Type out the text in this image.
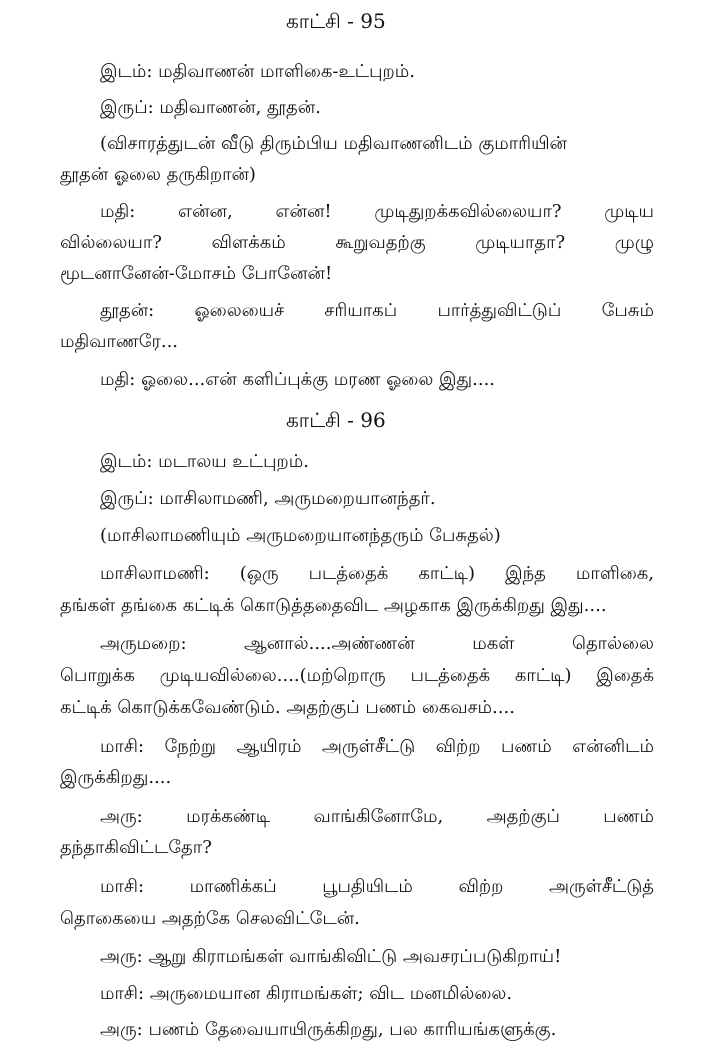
காட்சி - 95
இடம்: மதிவாணன் மாளிகை-உட்புறம்.
இருப்: மதிவாணன், தூதன்.
(விசாரத்துடன் வீடு திரும்பிய மதிவாணனிடம் குமாரியின்
தூதன் ஓலை தருகிறான்)
மதி: என்ன, என்ன! முடிதுறக்கவில்லையா? முடிய
வில்லையா? விளக்கம் கூறுவதற்கு முடியாதா? முழு
மூடனானேன்-மோசம் போனேன்!
தூதன்: ஓலையைச் சரியாகப் பார்த்துவிட்டுப் பேசும்
மதிவாணரே...
மதி: ஓலை...என் களிப்புக்கு மரண ஓலை இது....
காட்சி - 96
இடம்: மடாலய உட்புறம்.
இருப்: மாசிலாமணி, அருமறையானந்தர்.
(மாசிலாமணியும் அருமறையானந்தரும் பேசுதல்)
மாசிலாமணி: (ஒரு படத்தைக் காட்டி) இந்த மாளிகை,
தங்கள் தங்கை கட்டிக் கொடுத்ததைவிட அழகாக இருக்கிறது இது....
அருமறை: ஆனால்....அண்ணன் மகள் தொல்லை
பொறுக்க முடியவில்லை....(மற்றொரு படத்தைக் காட்டி) இதைக்
கட்டிக் கொடுக்கவேண்டும். அதற்குப் பணம் கைவசம்....
மாசி: நேற்று ஆயிரம் அருள்சீட்டு விற்ற பணம் என்னிடம்
இருக்கிறது....
அரு: மரக்கண்டி வாங்கினோமே, அதற்குப் பணம்
தந்தாகிவிட்டதோ?
மாசி: மாணிக்கப் பூபதியிடம் விற்ற அருள்சீட்டுத்
தொகையை அதற்கே செலவிட்டேன்.
அரு: ஆறு கிராமங்கள் வாங்கிவிட்டு அவசரப்படுகிறாய்!
மாசி: அருமையான கிராமங்கள்; விட மனமில்லை.
அரு: பணம் தேவையாயிருக்கிறது, பல காரியங்களுக்கு.
